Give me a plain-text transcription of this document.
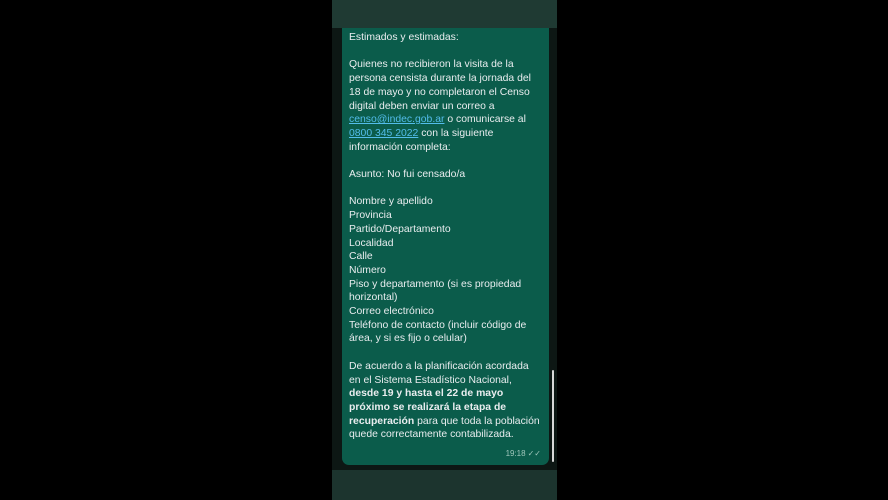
Estimados y estimadas:

Quienes no recibieron la visita de la persona censista durante la jornada del 18 de mayo y no completaron el Censo digital deben enviar un correo a censo@indec.gob.ar o comunicarse al 0800 345 2022 con la siguiente información completa:

Asunto: No fui censado/a

Nombre y apellido

Provincia

Partido/Departamento

Localidad

Calle

Número

Piso y departamento (si es propiedad horizontal)

Correo electrónico

Teléfono de contacto (incluir código de área, y si es fijo o celular)

De acuerdo a la planificación acordada en el Sistema Estadístico Nacional, desde 19 y hasta el 22 de mayo próximo se realizará la etapa de recuperación para que toda la población quede correctamente contabilizada.

19:18 ✓✓
